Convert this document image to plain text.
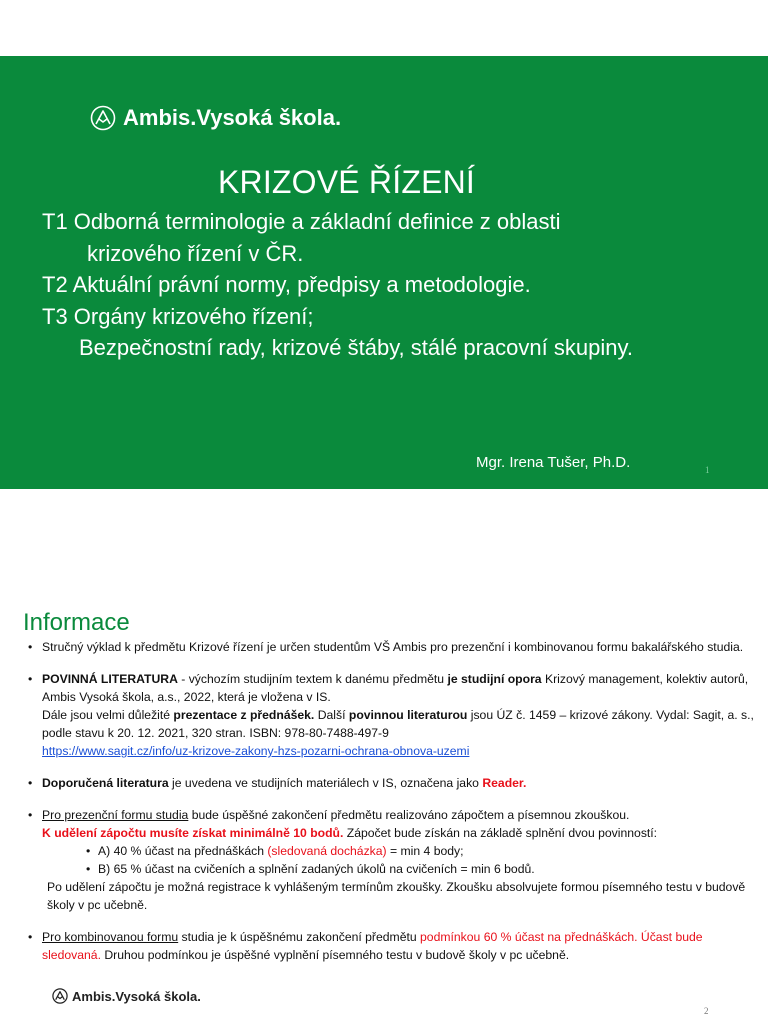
Ambis.Vysoká škola.
KRIZOVÉ ŘÍZENÍ
T1 Odborná terminologie a základní definice z oblasti
krizového řízení v ČR.
T2 Aktuální právní normy, předpisy a metodologie.
T3 Orgány krizového řízení;
Bezpečnostní rady, krizové štáby, stálé pracovní skupiny.
Mgr. Irena Tušer, Ph.D.	1
Informace
• Stručný výklad k předmětu Krizové řízení je určen studentům VŠ Ambis pro prezenční i kombinovanou formu bakalářského studia.
• POVINNÁ LITERATURA - výchozím studijním textem k danému předmětu je studijní opora Krizový management, kolektiv autorů, Ambis Vysoká škola, a.s., 2022, která je vložena v IS.
Dále jsou velmi důležité prezentace z přednášek. Další povinnou literaturou jsou ÚZ č. 1459 – krizové zákony. Vydal: Sagit, a. s., podle stavu k 20. 12. 2021, 320 stran. ISBN: 978-80-7488-497-9
https://www.sagit.cz/info/uz-krizove-zakony-hzs-pozarni-ochrana-obnova-uzemi
• Doporučená literatura je uvedena ve studijních materiálech v IS, označena jako Reader.
• Pro prezenční formu studia bude úspěšné zakončení předmětu realizováno zápočtem a písemnou zkouškou.
K udělení zápočtu musíte získat minimálně 10 bodů. Zápočet bude získán na základě splnění dvou povinností:
• A) 40 % účast na přednáškách (sledovaná docházka) = min 4 body;
• B) 65 % účast na cvičeních a splnění zadaných úkolů na cvičeních = min 6 bodů.
Po udělení zápočtu je možná registrace k vyhlášeným termínům zkoušky. Zkoušku absolvujete formou písemného testu v budově školy v pc učebně.
• Pro kombinovanou formu studia je k úspěšnému zakončení předmětu podmínkou 60 % účast na přednáškách. Účast bude sledovaná. Druhou podmínkou je úspěšné vyplnění písemného testu v budově školy v pc učebně.
Ambis.Vysoká škola.
2
